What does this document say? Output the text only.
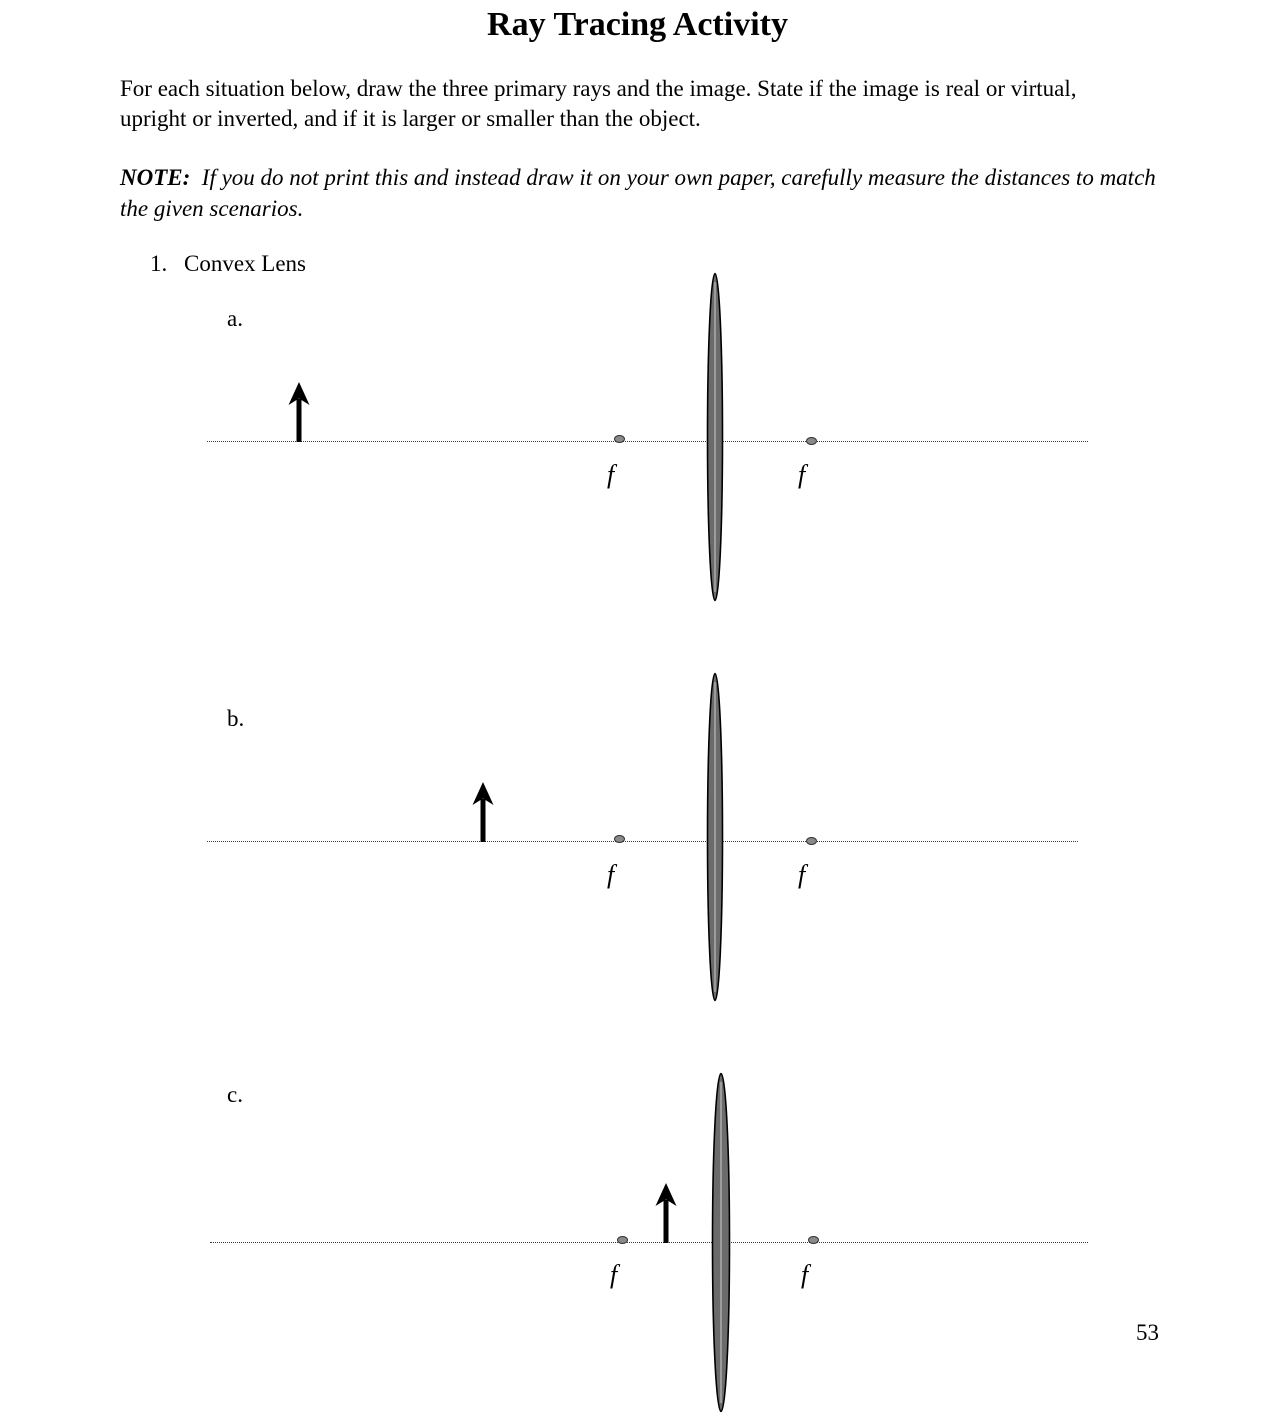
Ray Tracing Activity

For each situation below, draw the three primary rays and the image. State if the image is real or virtual, upright or inverted, and if it is larger or smaller than the object.

NOTE: If you do not print this and instead draw it on your own paper, carefully measure the distances to match the given scenarios.

1. Convex Lens
a.
f	f
b.
f	f
c.
f	f
53
